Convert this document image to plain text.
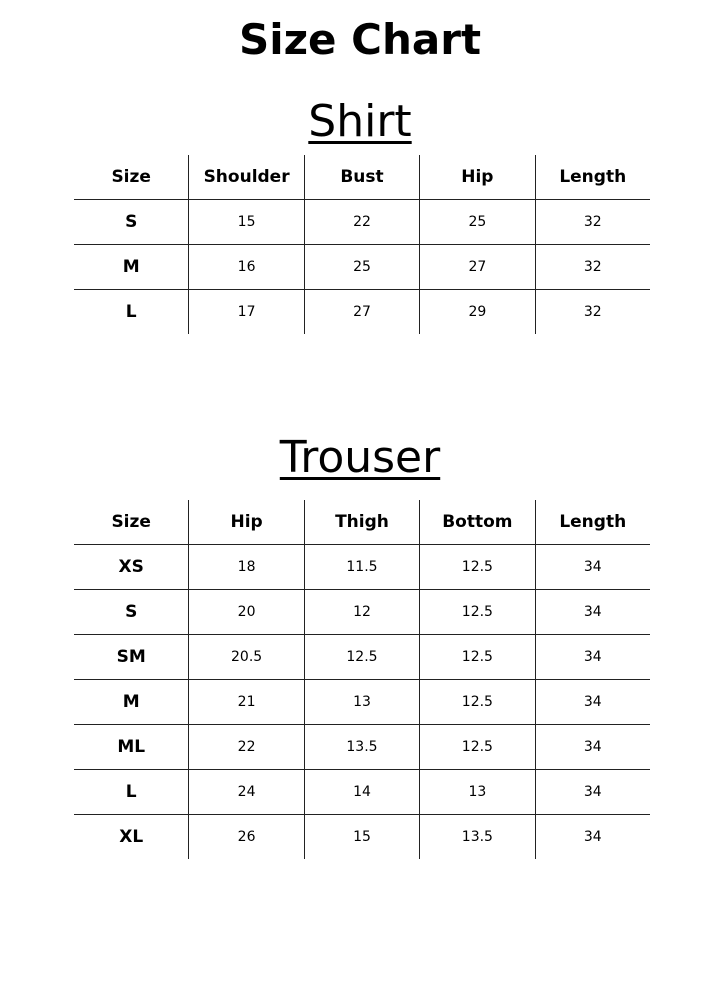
Size Chart
Shirt
Size	Shoulder	Bust	Hip	Length
S	15	22	25	32
M	16	25	27	32
L	17	27	29	32
Trouser
Size	Hip	Thigh	Bottom	Length
XS	18	11.5	12.5	34
S	20	12	12.5	34
SM	20.5	12.5	12.5	34
M	21	13	12.5	34
ML	22	13.5	12.5	34
L	24	14	13	34
XL	26	15	13.5	34
